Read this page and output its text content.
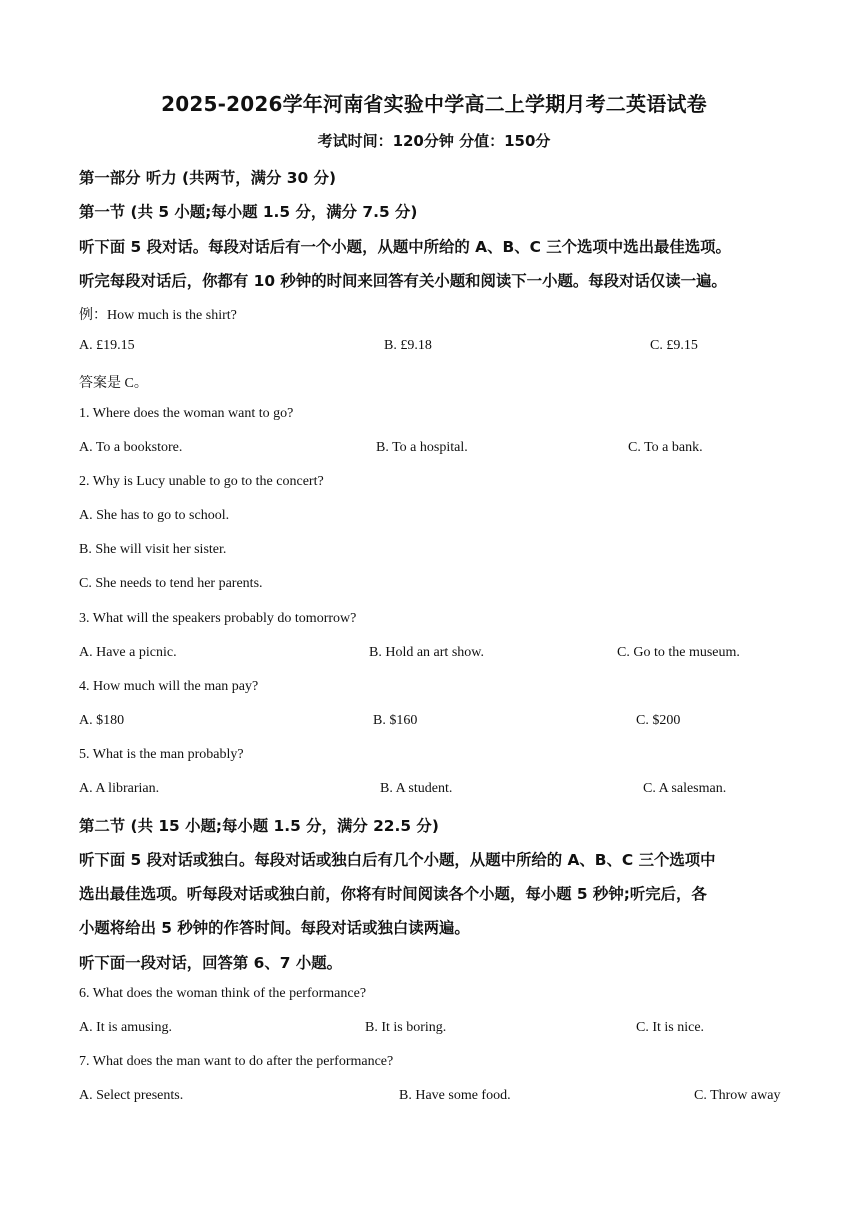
2025-2026学年河南省实验中学高二上学期月考二英语试卷
考试时间：120分钟 分值：150分
第一部分 听力 (共两节，满分 30 分)
第一节 (共 5 小题;每小题 1.5 分，满分 7.5 分)
听下面 5 段对话。每段对话后有一个小题，从题中所给的 A、B、C 三个选项中选出最佳选项。
听完每段对话后，你都有 10 秒钟的时间来回答有关小题和阅读下一小题。每段对话仅读一遍。
例：How much is the shirt?
A. £19.15	B. £9.18	C. £9.15
答案是 C。
1. Where does the woman want to go?
A. To a bookstore.	B. To a hospital.	C. To a bank.
2. Why is Lucy unable to go to the concert?
A. She has to go to school.
B. She will visit her sister.
C. She needs to tend her parents.
3. What will the speakers probably do tomorrow?
A. Have a picnic.	B. Hold an art show.	C. Go to the museum.
4. How much will the man pay?
A. $180	B. $160	C. $200
5. What is the man probably?
A. A librarian.	B. A student.	C. A salesman.
第二节 (共 15 小题;每小题 1.5 分，满分 22.5 分)
听下面 5 段对话或独白。每段对话或独白后有几个小题，从题中所给的 A、B、C 三个选项中
选出最佳选项。听每段对话或独白前，你将有时间阅读各个小题，每小题 5 秒钟;听完后，各
小题将给出 5 秒钟的作答时间。每段对话或独白读两遍。
听下面一段对话，回答第 6、7 小题。
6. What does the woman think of the performance?
A. It is amusing.	B. It is boring.	C. It is nice.
7. What does the man want to do after the performance?
A. Select presents.	B. Have some food.	C. Throw away
